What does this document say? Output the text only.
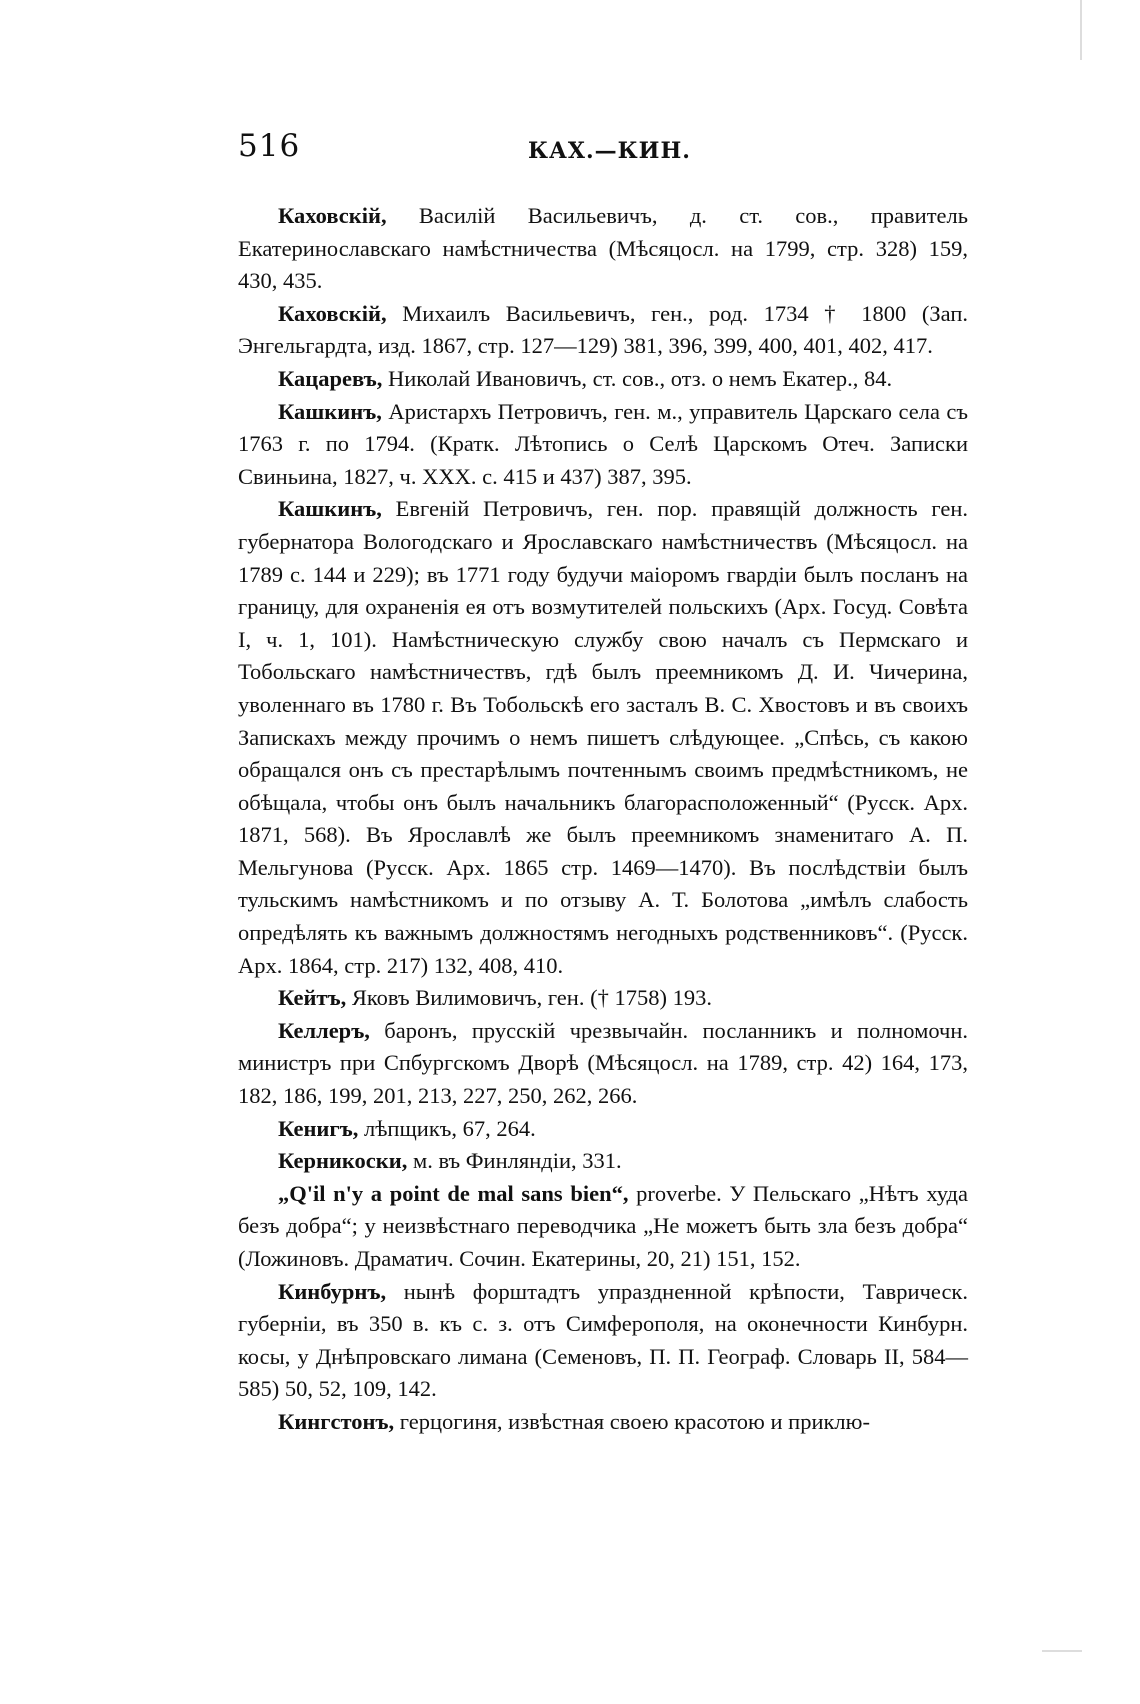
516	КАХ.—КИН.

Каховскій, Василій Васильевичъ, д. ст. сов., правитель Екатеринославскаго намѣстничества (Мѣсяцосл. на 1799, стр. 328) 159, 430, 435.

Каховскій, Михаилъ Васильевичъ, ген., род. 1734 † 1800 (Зап. Энгельгардта, изд. 1867, стр. 127—129) 381, 396, 399, 400, 401, 402, 417.

Кацаревъ, Николай Ивановичъ, ст. сов., отз. о немъ Екатер., 84.

Кашкинъ, Аристархъ Петровичъ, ген. м., управитель Царскаго села съ 1763 г. по 1794. (Кратк. Лѣтопись о Селѣ Царскомъ Отеч. Записки Свиньина, 1827, ч. XXX. с. 415 и 437) 387, 395.

Кашкинъ, Евгеній Петровичъ, ген. пор. правящій должность ген. губернатора Вологодскаго и Ярославскаго намѣстничествъ (Мѣсяцосл. на 1789 с. 144 и 229); въ 1771 году будучи маіоромъ гвардіи былъ посланъ на границу, для охраненія ея отъ возмутителей польскихъ (Арх. Госуд. Совѣта I, ч. 1, 101). Намѣстническую службу свою началъ съ Пермскаго и Тобольскаго намѣстничествъ, гдѣ былъ преемникомъ Д. И. Чичерина, уволеннаго въ 1780 г. Въ Тобольскѣ его засталъ В. С. Хвостовъ и въ своихъ Запискахъ между прочимъ о немъ пишетъ слѣдующее. „Спѣсь, съ какою обращался онъ съ престарѣлымъ почтеннымъ своимъ предмѣстникомъ, не обѣщала, чтобы онъ былъ начальникъ благорасположенный“ (Русск. Арх. 1871, 568). Въ Ярославлѣ же былъ преемникомъ знаменитаго А. П. Мельгунова (Русск. Арх. 1865 стр. 1469—1470). Въ послѣдствіи былъ тульскимъ намѣстникомъ и по отзыву А. Т. Болотова „имѣлъ слабость опредѣлять къ важнымъ должностямъ негодныхъ родственниковъ“. (Русск. Арх. 1864, стр. 217) 132, 408, 410.

Кейтъ, Яковъ Вилимовичъ, ген. († 1758) 193.

Келлеръ, баронъ, прусскій чрезвычайн. посланникъ и полномочн. министръ при Спбургскомъ Дворѣ (Мѣсяцосл. на 1789, стр. 42) 164, 173, 182, 186, 199, 201, 213, 227, 250, 262, 266.

Кенигъ, лѣпщикъ, 67, 264.

Керникоски, м. въ Финляндіи, 331.

„Q'il n'y a point de mal sans bien“, proverbe. У Пельскаго „Нѣтъ худа безъ добра“; у неизвѣстнаго переводчика „Не можетъ быть зла безъ добра“ (Ложиновъ. Драматич. Сочин. Екатерины, 20, 21) 151, 152.

Кинбурнъ, нынѣ форштадтъ упраздненной крѣпости, Таврическ. губерніи, въ 350 в. къ с. з. отъ Симферополя, на оконечности Кинбурн. косы, у Днѣпровскаго лимана (Семеновъ, П. П. Географ. Словарь II, 584—585) 50, 52, 109, 142.

Кингстонъ, герцогиня, извѣстная своею красотою и приклю-
